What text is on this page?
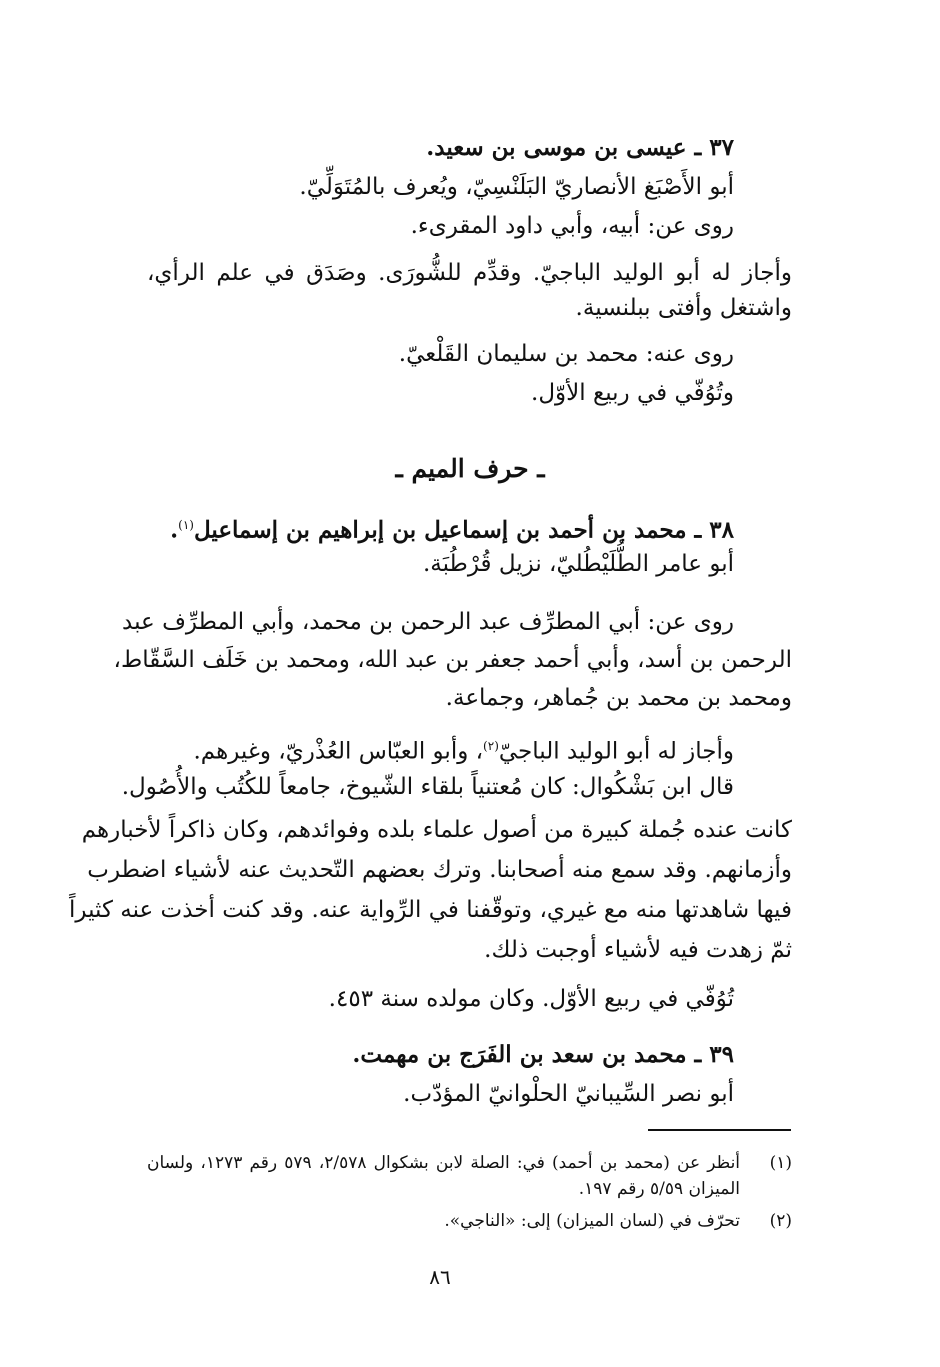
٣٧ ـ عيسى بن موسى بن سعيد.

أبو الأَصْبَغ الأنصاريّ البَلَنْسِيّ، ويُعرف بالمُتَوَلِّيّ.

روى عن: أبيه، وأبي داود المقرىء.

وأجاز له أبو الوليد الباجيّ. وقدِّم للشُّورَى. وصَدَق في علم الرأي،

واشتغل وأفتى ببلنسية.

روى عنه: محمد بن سليمان القَلْعيّ.

وتُوُفّي في ربيع الأوّل.

ـ حرف الميم ـ

٣٨ ـ محمد بن أحمد بن إسماعيل بن إبراهيم بن إسماعيل$^{(١)}$.

أبو عامر الطُّلَيْطُليّ، نزيل قُرْطُبَة.

روى عن: أبي المطرِّف عبد الرحمن بن محمد، وأبي المطرِّف عبد

الرحمن بن أسد، وأبي أحمد جعفر بن عبد الله، ومحمد بن خَلَف السَّقّاط،

ومحمد بن محمد بن جُماهر، وجماعة.

وأجاز له أبو الوليد الباجيّ$^{(٢)}$، وأبو العبّاس العُذْريّ، وغيرهم.

قال ابن بَشْكُوال: كان مُعتنياً بلقاء الشّيوخ، جامعاً للكُتُب والأُصُول.

كانت عنده جُملة كبيرة من أصول علماء بلده وفوائدهم، وكان ذاكراً لأخبارهم

وأزمانهم. وقد سمع منه أصحابنا. وترك بعضهم التّحديث عنه لأشياء اضطرب

فيها شاهدتها منه مع غيري، وتوقّفنا في الرِّواية عنه. وقد كنت أخذت عنه كثيراً

ثمّ زهدت فيه لأشياء أوجبت ذلك.

تُوُفّي في ربيع الأوّل. وكان مولده سنة ٤٥٣.

٣٩ ـ محمد بن سعد بن الفَرَج بن مهمت.

أبو نصر السِّيبانيّ الحلْوانيّ المؤدّب.

(١)

أنظر عن (محمد بن أحمد) في: الصلة لابن بشكوال ٢/٥٧٨، ٥٧٩ رقم ١٢٧٣، ولسان

الميزان ٥/٥٩ رقم ١٩٧.

(٢)

تحرّف في (لسان الميزان) إلى: «الناجي».

٨٦
